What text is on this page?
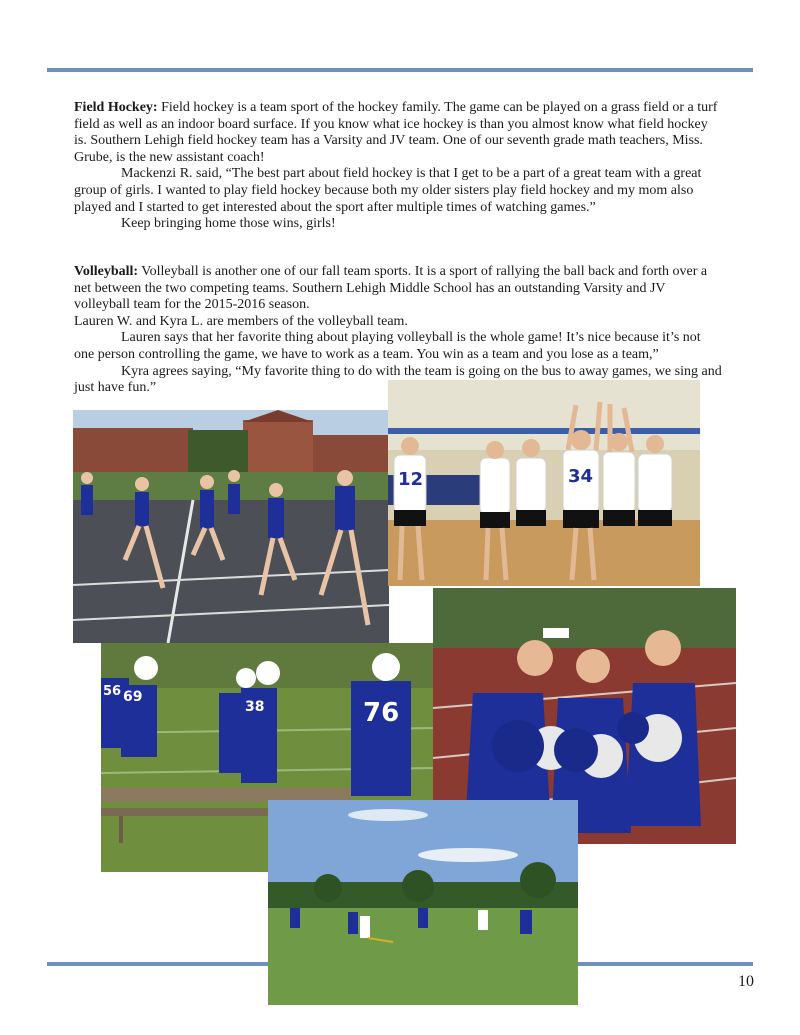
Field Hockey: Field hockey is a team sport of the hockey family. The game can be played on a grass field or a turf field as well as an indoor board surface. If you know what ice hockey is than you almost know what field hockey is. Southern Lehigh field hockey team has a Varsity and JV team. One of our seventh grade math teachers, Miss. Grube, is the new assistant coach!

Mackenzi R. said, “The best part about field hockey is that I get to be a part of a great team with a great group of girls. I wanted to play field hockey because both my older sisters play field hockey and my mom also played and I started to get interested about the sport after multiple times of watching games.”

Keep bringing home those wins, girls!

Volleyball: Volleyball is another one of our fall team sports. It is a sport of rallying the ball back and forth over a net between the two competing teams. Southern Lehigh Middle School has an outstanding Varsity and JV volleyball team for the 2015-2016 season.

Lauren W. and Kyra L. are members of the volleyball team.

Lauren says that her favorite thing about playing volleyball is the whole game! It’s nice because it’s not one person controlling the game, we have to work as a team. You win as a team and you lose as a team,”

Kyra agrees saying, “My favorite thing to do with the team is going on the bus to away games, we sing and just have fun.”

12	34
56 69
38	76
10
